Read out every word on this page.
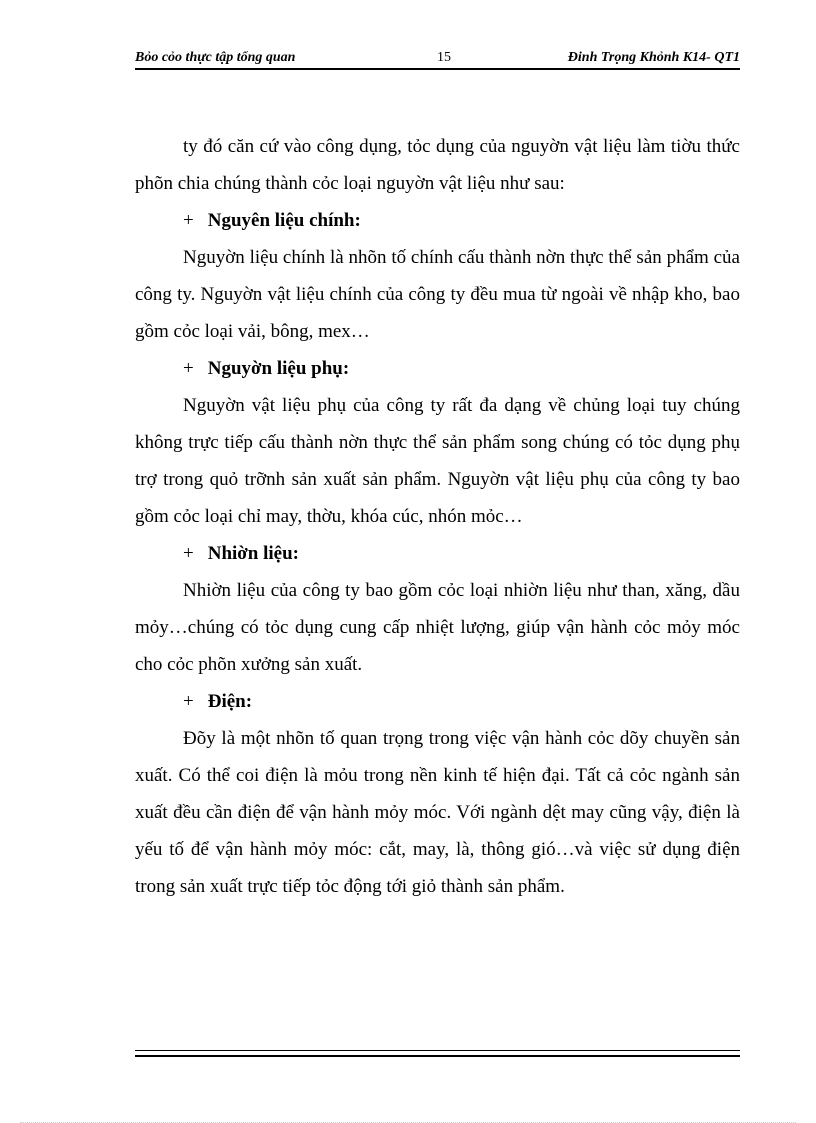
Bỏo cỏo thực tập tổng quan	15	Đinh Trọng Khỏnh K14- QT1

ty đó căn cứ vào công dụng, tỏc dụng của nguyờn vật liệu làm tiờu thức phõn chia chúng thành cỏc loại nguyờn vật liệu như sau:

+ Nguyên liệu chính:

Nguyờn liệu chính là nhõn tố chính cấu thành nờn thực thể sản phẩm của công ty. Nguyờn vật liệu chính của công ty đều mua từ ngoài về nhập kho, bao gồm cỏc loại vải, bông, mex…

+ Nguyờn liệu phụ:

Nguyờn vật liệu phụ của công ty rất đa dạng về chủng loại tuy chúng không trực tiếp cấu thành nờn thực thể sản phẩm song chúng có tỏc dụng phụ trợ trong quỏ trỡnh sản xuất sản phẩm. Nguyờn vật liệu phụ của công ty bao gồm cỏc loại chỉ may, thờu, khóa cúc, nhón mỏc…

+ Nhiờn liệu:

Nhiờn liệu của công ty bao gồm cỏc loại nhiờn liệu như than, xăng, dầu mỏy…chúng có tỏc dụng cung cấp nhiệt lượng, giúp vận hành cỏc mỏy móc cho cỏc phõn xưởng sản xuất.

+ Điện:

Đõy là một nhõn tố quan trọng trong việc vận hành cỏc dõy chuyền sản xuất. Có thể coi điện là mỏu trong nền kinh tế hiện đại. Tất cả cỏc ngành sản xuất đều cần điện để vận hành mỏy móc. Với ngành dệt may cũng vậy, điện là yếu tố để vận hành mỏy móc: cắt, may, là, thông gió…và việc sử dụng điện trong sản xuất trực tiếp tỏc động tới giỏ thành sản phẩm.
